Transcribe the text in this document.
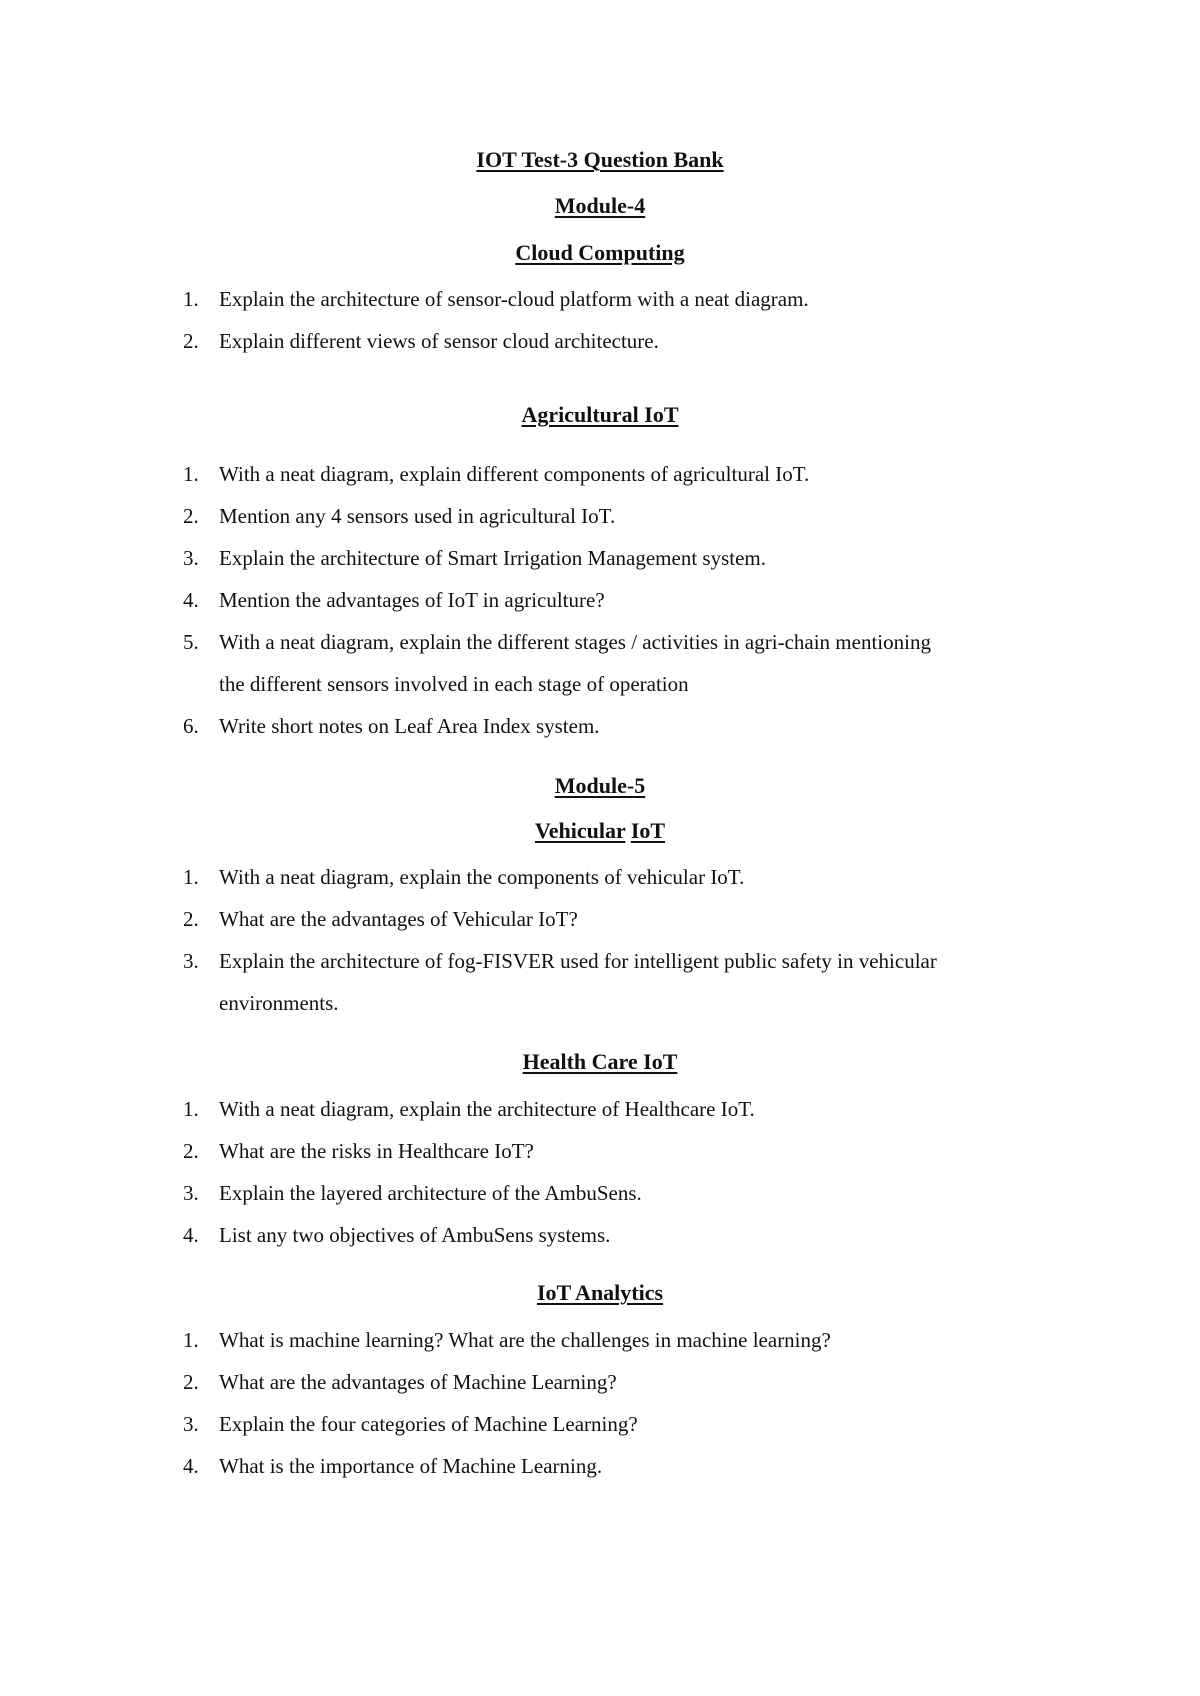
IOT Test-3 Question Bank
Module-4
Cloud Computing
1. Explain the architecture of sensor-cloud platform with a neat diagram.
2. Explain different views of sensor cloud architecture.
Agricultural IoT
1. With a neat diagram, explain different components of agricultural IoT.
2. Mention any 4 sensors used in agricultural IoT.
3. Explain the architecture of Smart Irrigation Management system.
4. Mention the advantages of IoT in agriculture?
5. With a neat diagram, explain the different stages / activities in agri-chain mentioning
the different sensors involved in each stage of operation
6. Write short notes on Leaf Area Index system.
Module-5
Vehicular IoT
1. With a neat diagram, explain the components of vehicular IoT.
2. What are the advantages of Vehicular IoT?
3. Explain the architecture of fog-FISVER used for intelligent public safety in vehicular
environments.
Health Care IoT
1. With a neat diagram, explain the architecture of Healthcare IoT.
2. What are the risks in Healthcare IoT?
3. Explain the layered architecture of the AmbuSens.
4. List any two objectives of AmbuSens systems.
IoT Analytics
1. What is machine learning? What are the challenges in machine learning?
2. What are the advantages of Machine Learning?
3. Explain the four categories of Machine Learning?
4. What is the importance of Machine Learning.
